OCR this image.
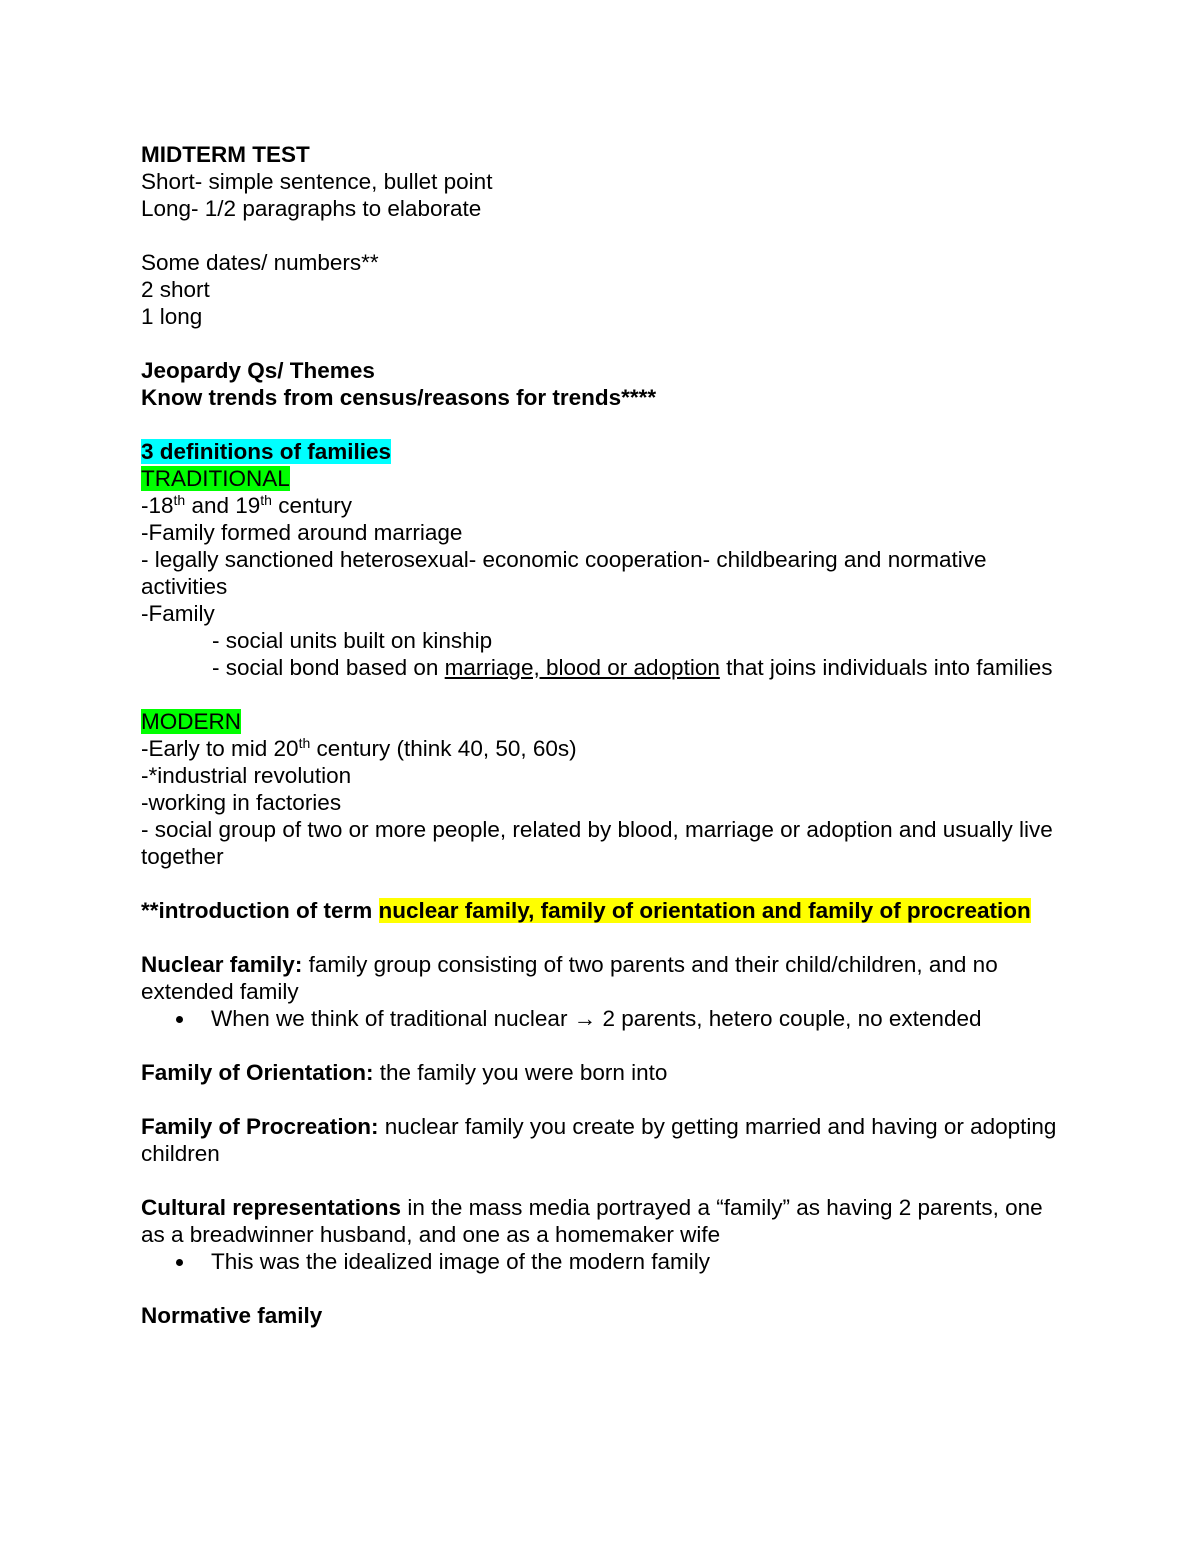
MIDTERM TEST
Short- simple sentence, bullet point
Long- 1/2 paragraphs to elaborate
Some dates/ numbers**
2 short
1 long
Jeopardy Qs/ Themes
Know trends from census/reasons for trends****
3 definitions of families
TRADITIONAL
-18th and 19th century
-Family formed around marriage
- legally sanctioned heterosexual- economic cooperation- childbearing and normative activities
-Family
- social units built on kinship
- social bond based on marriage, blood or adoption that joins individuals into families
MODERN
-Early to mid 20th century (think 40, 50, 60s)
-*industrial revolution
-working in factories
- social group of two or more people, related by blood, marriage or adoption and usually live together
**introduction of term nuclear family, family of orientation and family of procreation
Nuclear family: family group consisting of two parents and their child/children, and no extended family
When we think of traditional nuclear → 2 parents, hetero couple, no extended
Family of Orientation: the family you were born into
Family of Procreation: nuclear family you create by getting married and having or adopting children
Cultural representations in the mass media portrayed a “family” as having 2 parents, one as a breadwinner husband, and one as a homemaker wife
This was the idealized image of the modern family
Normative family
